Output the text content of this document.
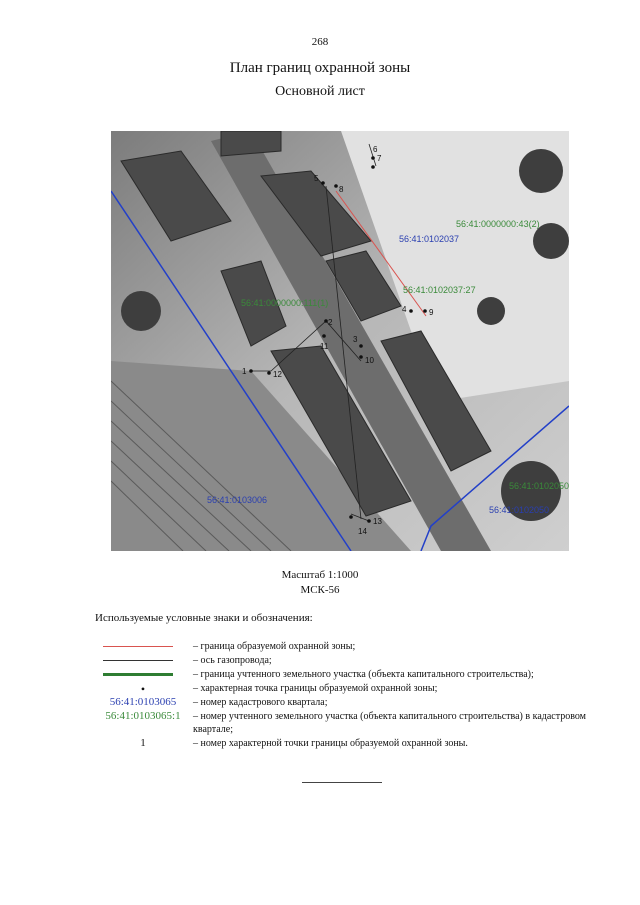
268
План границ охранной зоны
Основной лист
1
2
3
4
5
6
7
8
9
10
11
12
13
14
56:41:0102037
56:41:0103006
56:41:0102050
56:41:0102050
56:41:0000000:43(2)
56:41:0102037:27
56:41:0000000:111(1)
Масштаб 1:1000
МСК-56
Используемые условные знаки и обозначения:
– граница образуемой охранной зоны;
– ось газопровода;
– граница учтенного земельного участка (объекта капитального строительства);
•	– характерная точка границы образуемой охранной зоны;
56:41:0103065	– номер кадастрового квартала;
56:41:0103065:1	– номер учтенного земельного участка (объекта капитального строительства) в кадастровом квартале;
1	– номер характерной точки границы образуемой охранной зоны.
